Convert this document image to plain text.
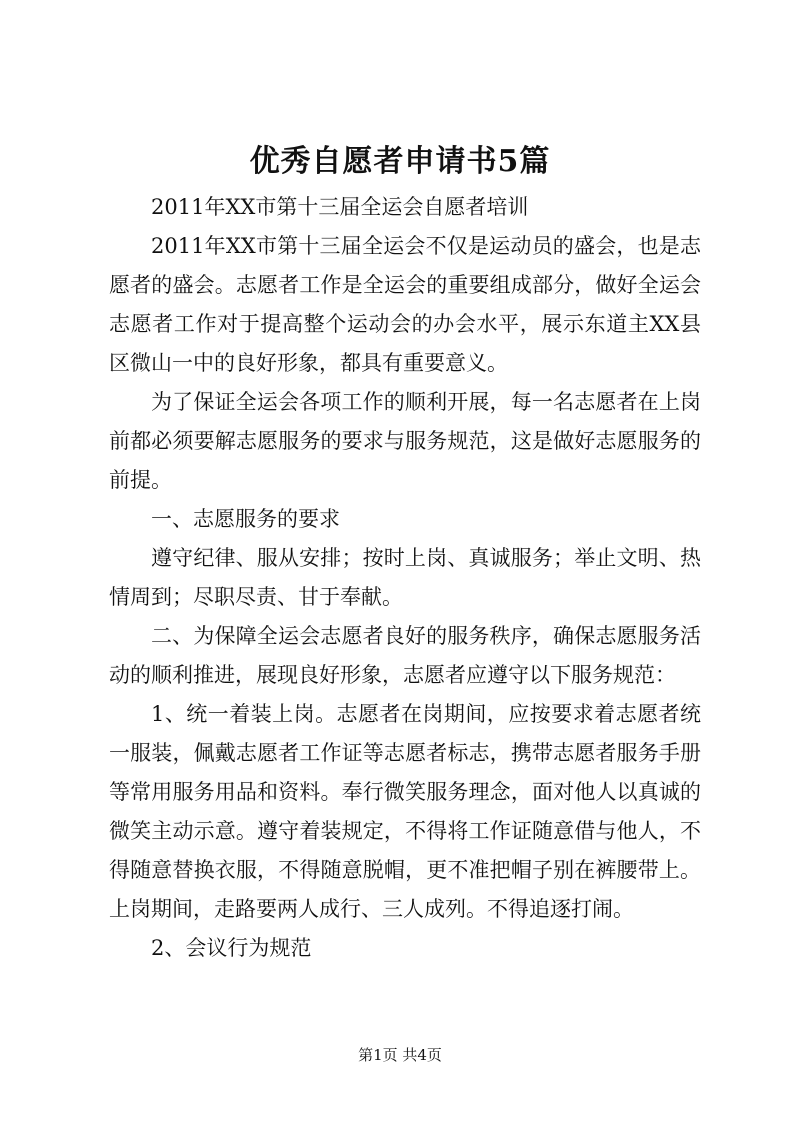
优秀自愿者申请书5篇

2011年XX市第十三届全运会自愿者培训

2011年XX市第十三届全运会不仅是运动员的盛会，也是志愿者的盛会。志愿者工作是全运会的重要组成部分，做好全运会志愿者工作对于提高整个运动会的办会水平，展示东道主XX县区微山一中的良好形象，都具有重要意义。

为了保证全运会各项工作的顺利开展，每一名志愿者在上岗前都必须要解志愿服务的要求与服务规范，这是做好志愿服务的前提。

一、志愿服务的要求

遵守纪律、服从安排；按时上岗、真诚服务；举止文明、热情周到；尽职尽责、甘于奉献。

二、为保障全运会志愿者良好的服务秩序，确保志愿服务活动的顺利推进，展现良好形象，志愿者应遵守以下服务规范：

1、统一着装上岗。志愿者在岗期间，应按要求着志愿者统一服装，佩戴志愿者工作证等志愿者标志，携带志愿者服务手册等常用服务用品和资料。奉行微笑服务理念，面对他人以真诚的微笑主动示意。遵守着装规定，不得将工作证随意借与他人，不得随意替换衣服，不得随意脱帽，更不准把帽子别在裤腰带上。上岗期间，走路要两人成行、三人成列。不得追逐打闹。

2、会议行为规范

第1页 共4页
